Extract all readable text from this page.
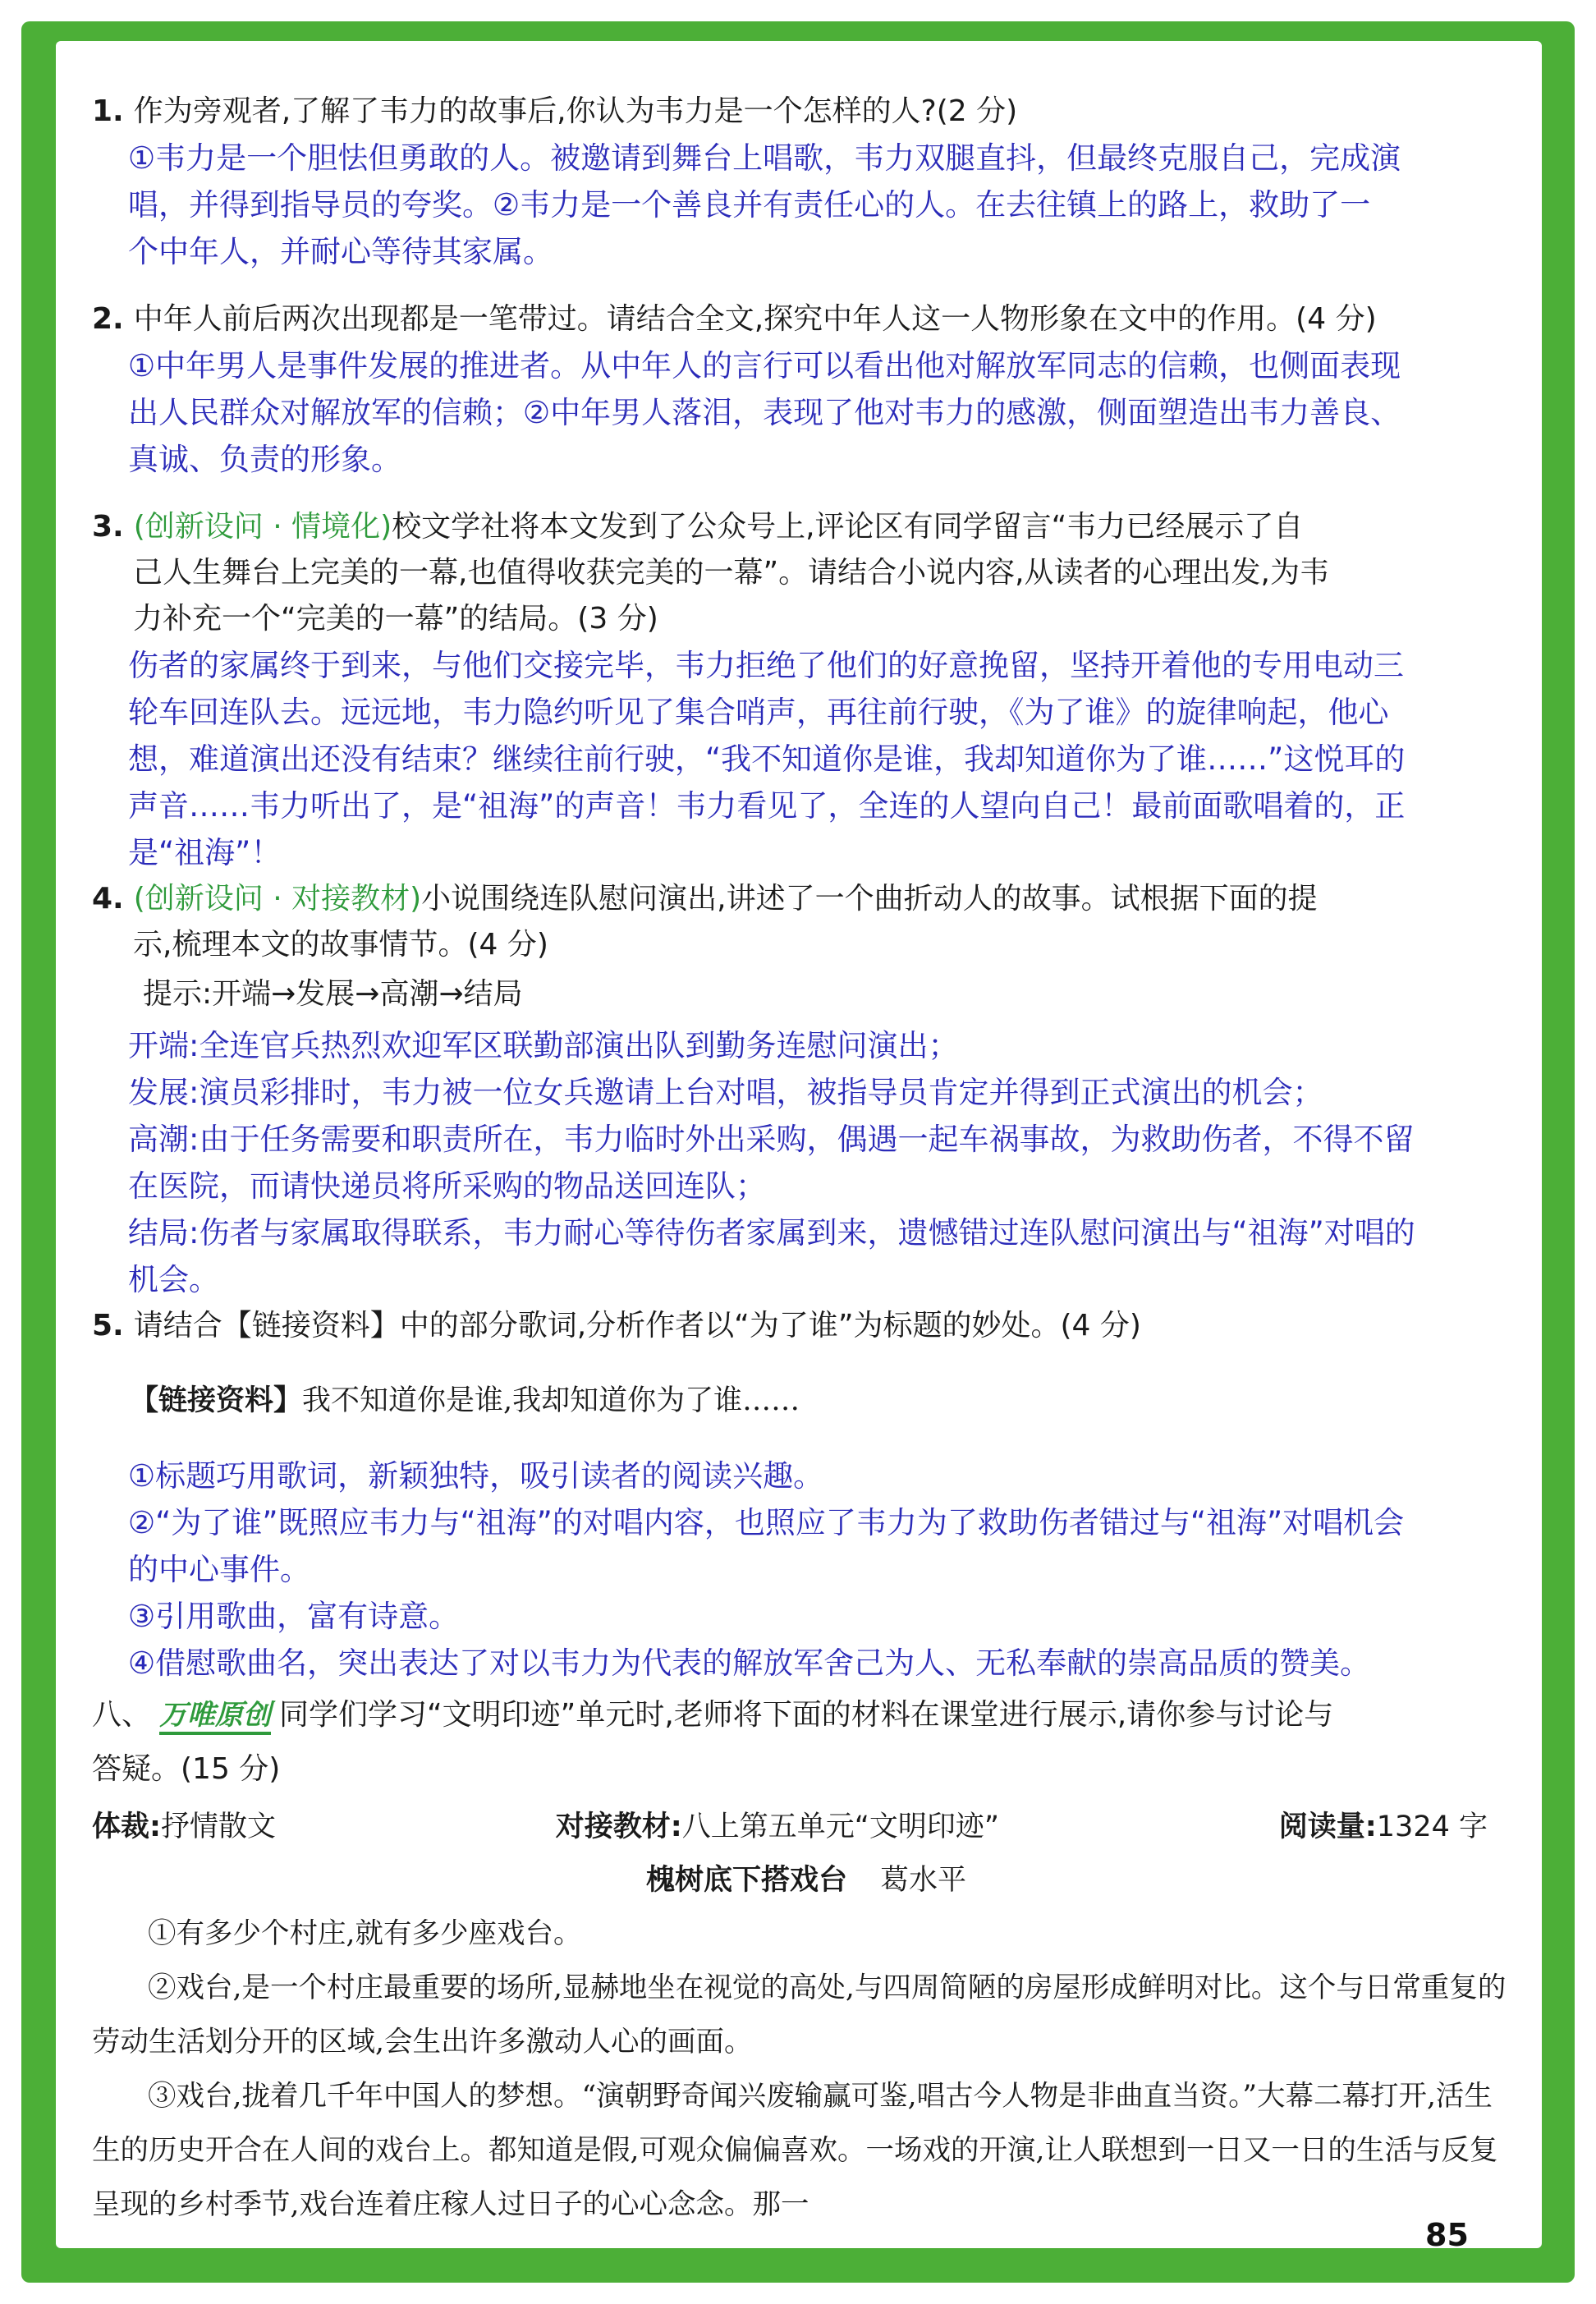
1. 作为旁观者,了解了韦力的故事后,你认为韦力是一个怎样的人?(2 分)

①韦力是一个胆怯但勇敢的人。被邀请到舞台上唱歌，韦力双腿直抖，但最终克服自己，完成演

唱，并得到指导员的夸奖。②韦力是一个善良并有责任心的人。在去往镇上的路上，救助了一

个中年人，并耐心等待其家属。

2. 中年人前后两次出现都是一笔带过。请结合全文,探究中年人这一人物形象在文中的作用。(4 分)

①中年男人是事件发展的推进者。从中年人的言行可以看出他对解放军同志的信赖，也侧面表现

出人民群众对解放军的信赖；②中年男人落泪，表现了他对韦力的感激，侧面塑造出韦力善良、

真诚、负责的形象。

3. (创新设问 · 情境化)校文学社将本文发到了公众号上,评论区有同学留言“韦力已经展示了自

己人生舞台上完美的一幕,也值得收获完美的一幕”。请结合小说内容,从读者的心理出发,为韦

力补充一个“完美的一幕”的结局。(3 分)

伤者的家属终于到来，与他们交接完毕，韦力拒绝了他们的好意挽留，坚持开着他的专用电动三

轮车回连队去。远远地，韦力隐约听见了集合哨声，再往前行驶，《为了谁》的旋律响起，他心

想，难道演出还没有结束？继续往前行驶，“我不知道你是谁，我却知道你为了谁……”这悦耳的

声音……韦力听出了，是“祖海”的声音！韦力看见了，全连的人望向自己！最前面歌唱着的，正

是“祖海”！

4. (创新设问 · 对接教材)小说围绕连队慰问演出,讲述了一个曲折动人的故事。试根据下面的提

示,梳理本文的故事情节。(4 分)

提示:开端→发展→高潮→结局

开端:全连官兵热烈欢迎军区联勤部演出队到勤务连慰问演出；

发展:演员彩排时，韦力被一位女兵邀请上台对唱，被指导员肯定并得到正式演出的机会；

高潮:由于任务需要和职责所在，韦力临时外出采购，偶遇一起车祸事故，为救助伤者，不得不留

在医院，而请快递员将所采购的物品送回连队；

结局:伤者与家属取得联系，韦力耐心等待伤者家属到来，遗憾错过连队慰问演出与“祖海”对唱的

机会。

5. 请结合【链接资料】中的部分歌词,分析作者以“为了谁”为标题的妙处。(4 分)

【链接资料】我不知道你是谁,我却知道你为了谁……

①标题巧用歌词，新颖独特，吸引读者的阅读兴趣。

②“为了谁”既照应韦力与“祖海”的对唱内容，也照应了韦力为了救助伤者错过与“祖海”对唱机会

的中心事件。

③引用歌曲，富有诗意。

④借慰歌曲名，突出表达了对以韦力为代表的解放军舍己为人、无私奉献的崇高品质的赞美。

八、 万唯原创 同学们学习“文明印迹”单元时,老师将下面的材料在课堂进行展示,请你参与讨论与

答疑。(15 分)

体裁:抒情散文	对接教材:八上第五单元“文明印迹”	阅读量:1324 字
槐树底下搭戏台 葛水平

①有多少个村庄,就有多少座戏台。

②戏台,是一个村庄最重要的场所,显赫地坐在视觉的高处,与四周简陋的房屋形成鲜明对比。这个与日常重复的劳动生活划分开的区域,会生出许多激动人心的画面。

③戏台,拢着几千年中国人的梦想。“演朝野奇闻兴废输赢可鉴,唱古今人物是非曲直当资。”大幕二幕打开,活生生的历史开合在人间的戏台上。都知道是假,可观众偏偏喜欢。一场戏的开演,让人联想到一日又一日的生活与反复呈现的乡村季节,戏台连着庄稼人过日子的心心念念。那一

85
